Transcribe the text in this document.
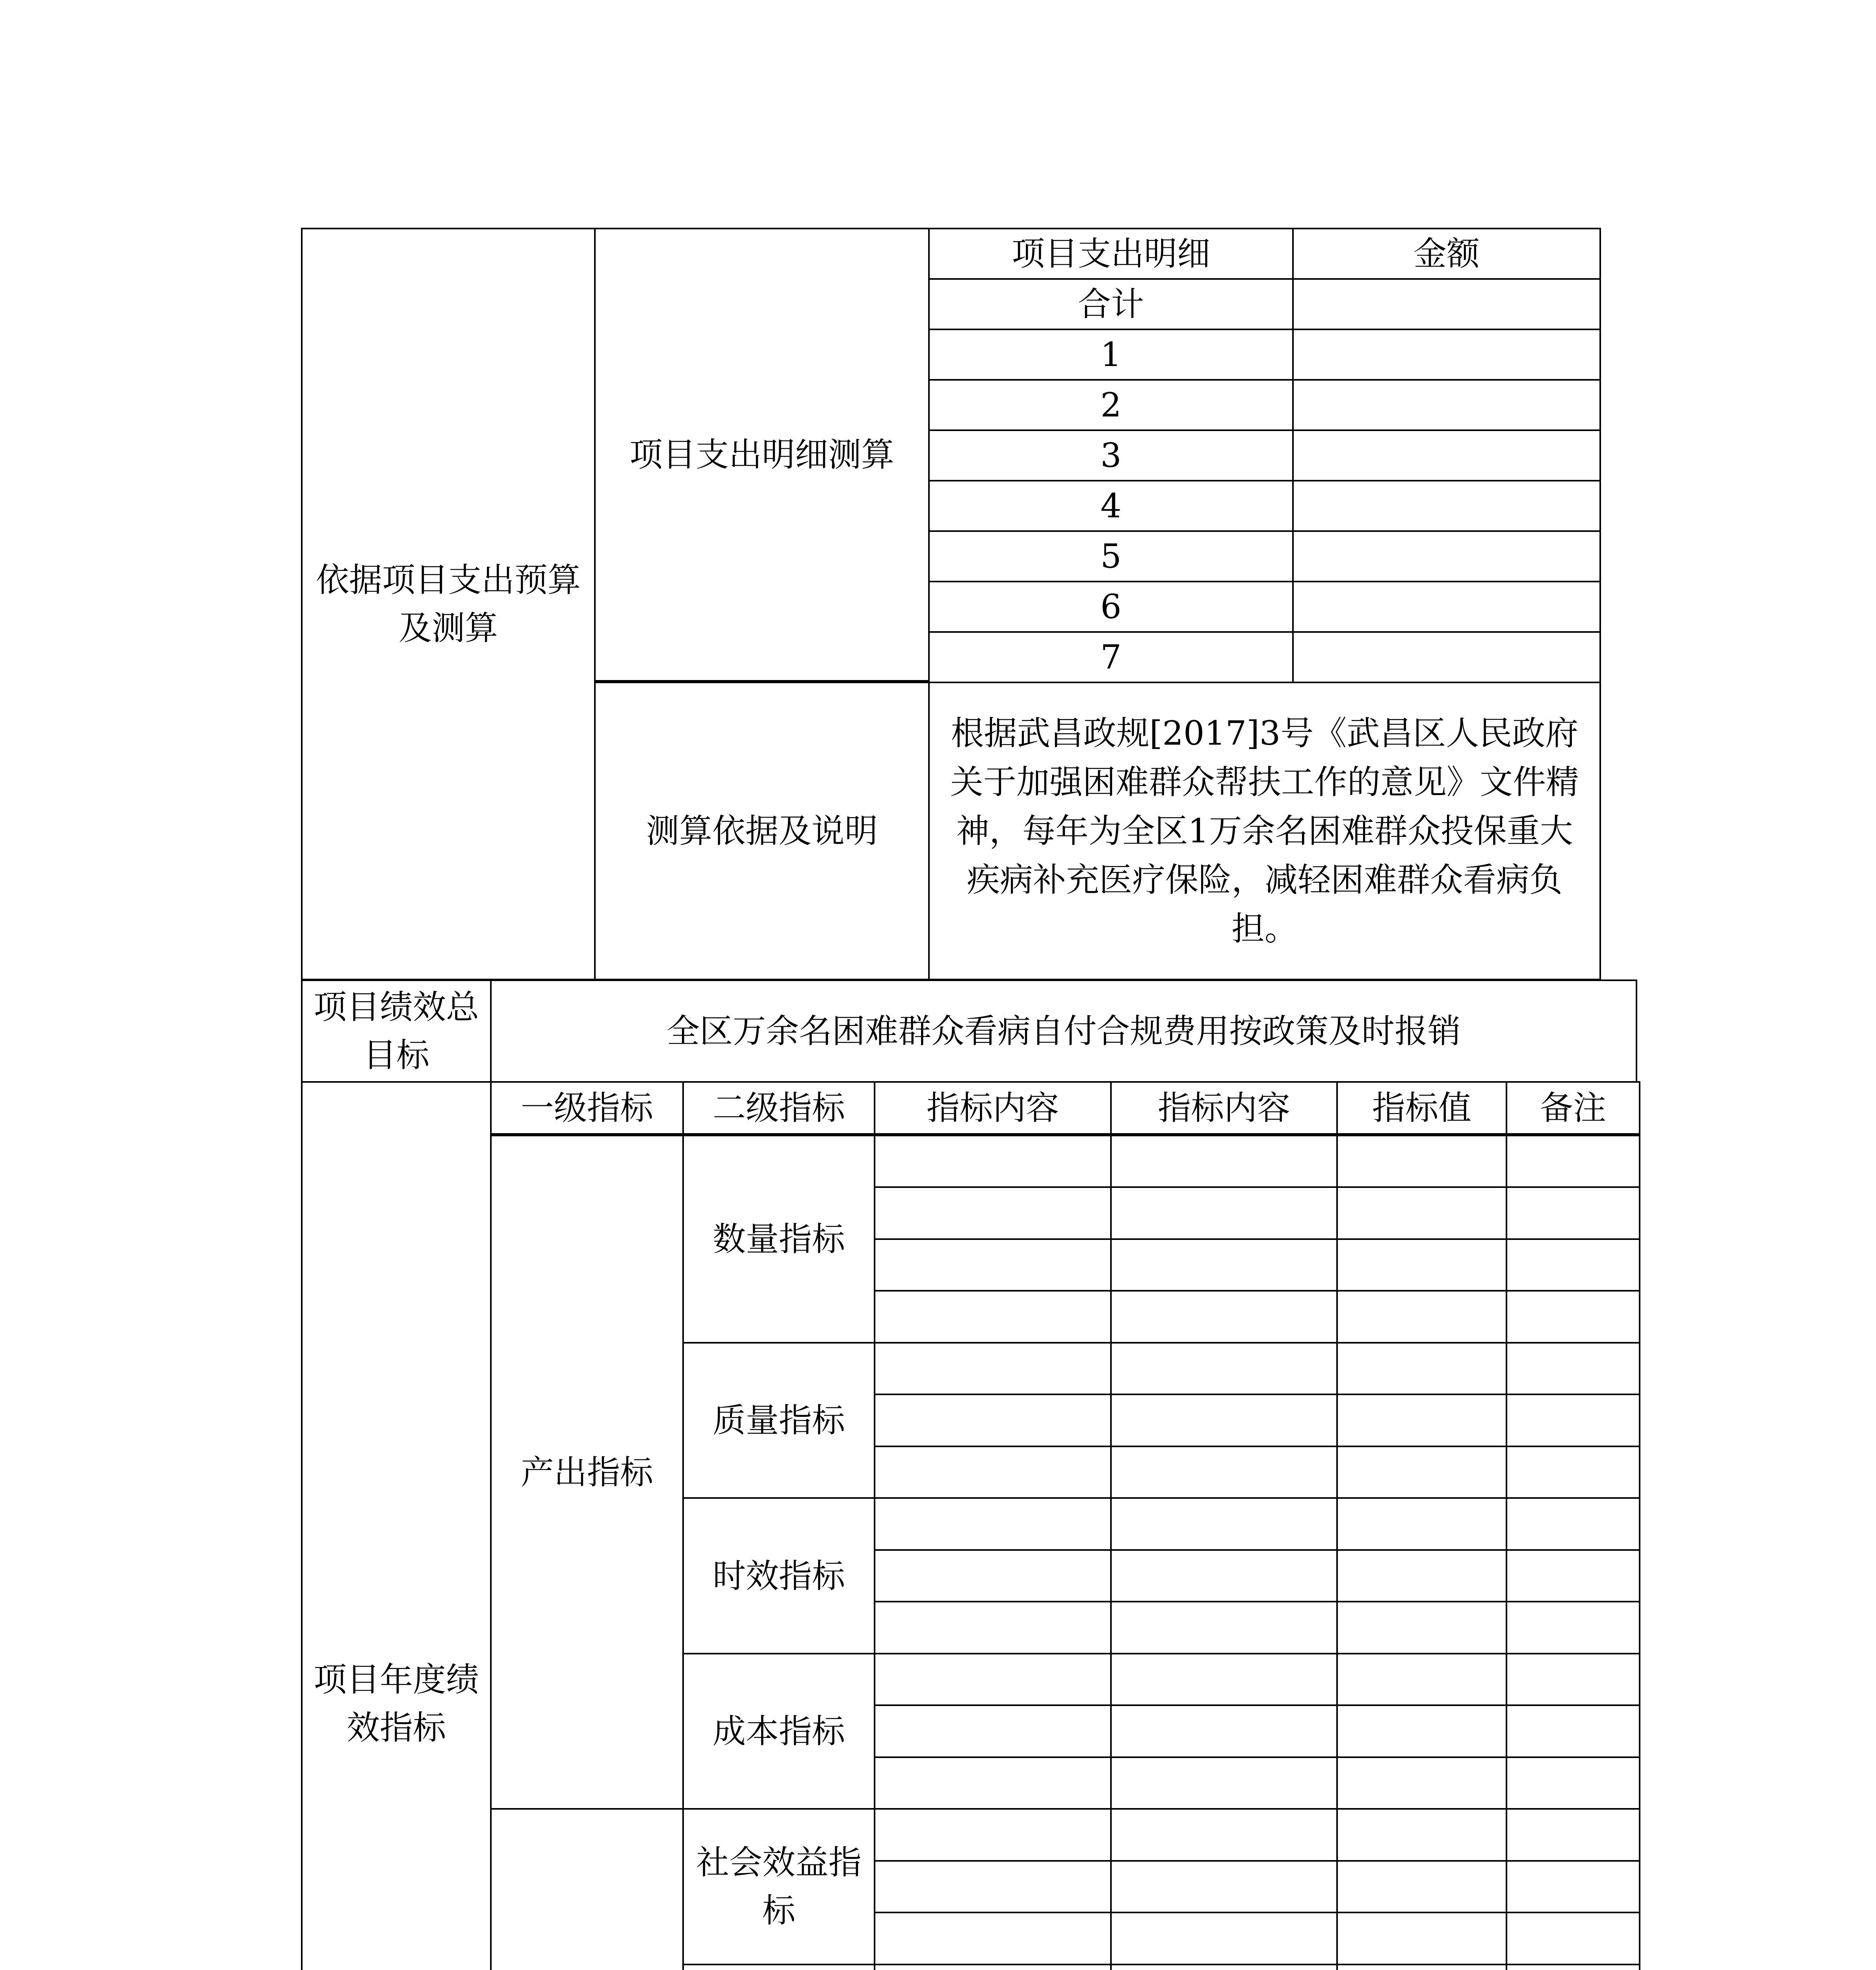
依据项目支出预算及测算
项目支出明细测算
项目支出明细	金额
合计
1
2
3
4
5
6
7
测算依据及说明
根据武昌政规[2017]3号《武昌区人民政府关于加强困难群众帮扶工作的意见》文件精神，每年为全区1万余名困难群众投保重大疾病补充医疗保险，减轻困难群众看病负担。
项目绩效总目标
全区万余名困难群众看病自付合规费用按政策及时报销
项目年度绩效指标
一级指标	二级指标	指标内容	指标内容	指标值	备注
产出指标
数量指标
质量指标
时效指标
成本指标
社会效益指标
